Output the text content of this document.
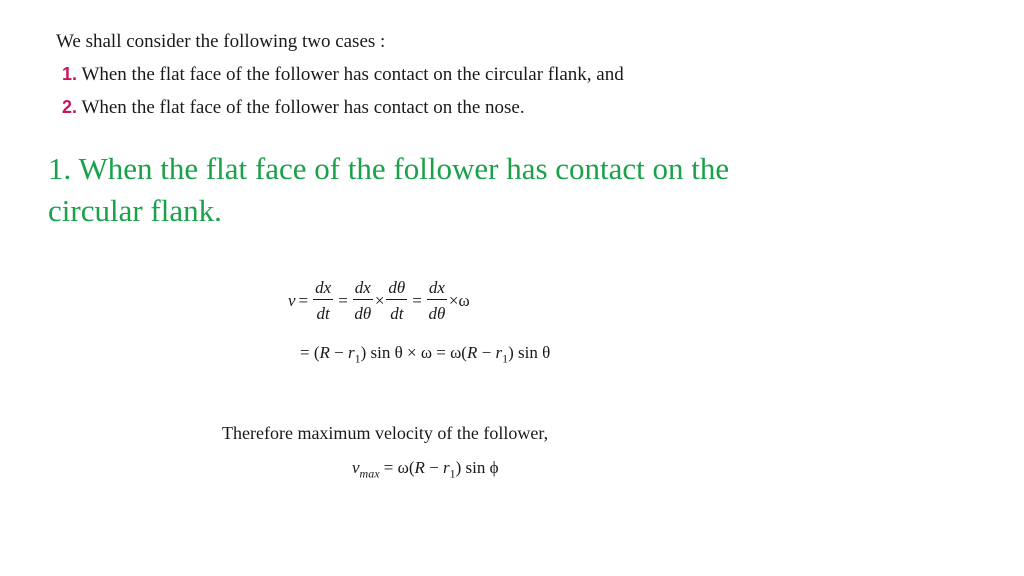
We shall consider the following two cases :
1. When the flat face of the follower has contact on the circular flank, and
2. When the flat face of the follower has contact on the nose.
1. When the flat face of the follower has contact on the circular flank.
$v = \frac{dx}{dt} = \frac{dx}{d\theta} \times \frac{d\theta}{dt} = \frac{dx}{d\theta} \times\omega$
= $(R - r_1)$ $\sin \theta \times \omega = \omega(R - r_1)$ sin θ
Therefore maximum velocity of the follower,
$v_{max} = \omega(R - r_1)$ sin ϕ
